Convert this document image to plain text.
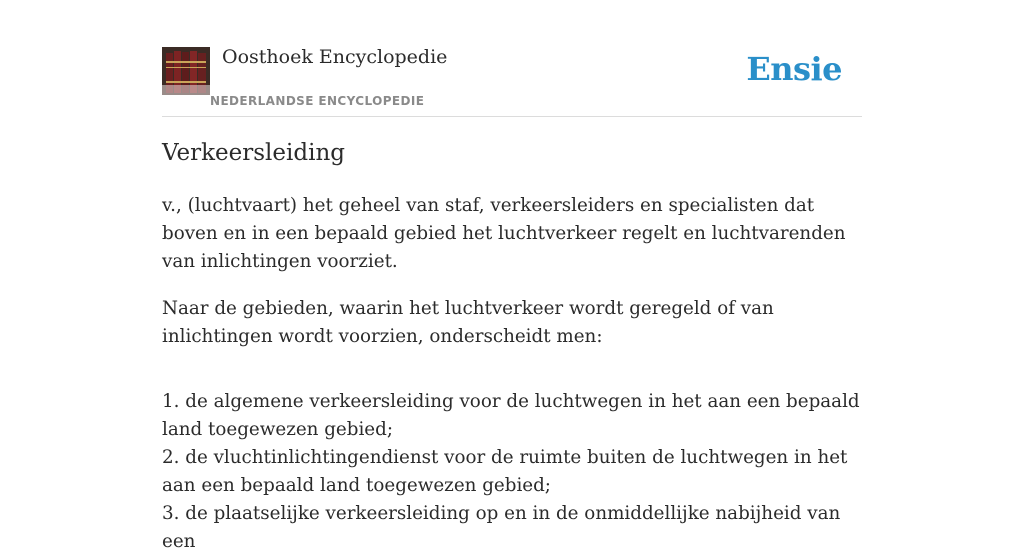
Oosthoek Encyclopedie
NEDERLANDSE ENCYCLOPEDIE
Ensie
Verkeersleiding

v., (luchtvaart) het geheel van staf, verkeersleiders en specialisten dat boven en in een bepaald gebied het luchtverkeer regelt en luchtvarenden van inlichtingen voorziet.

Naar de gebieden, waarin het luchtverkeer wordt geregeld of van inlichtingen wordt voorzien, onderscheidt men:

1. de algemene verkeersleiding voor de luchtwegen in het aan een bepaald land toegewezen gebied;
2. de vluchtinlichtingendienst voor de ruimte buiten de luchtwegen in het aan een bepaald land toegewezen gebied;
3. de plaatselijke verkeersleiding op en in de onmiddellijke nabijheid van een
